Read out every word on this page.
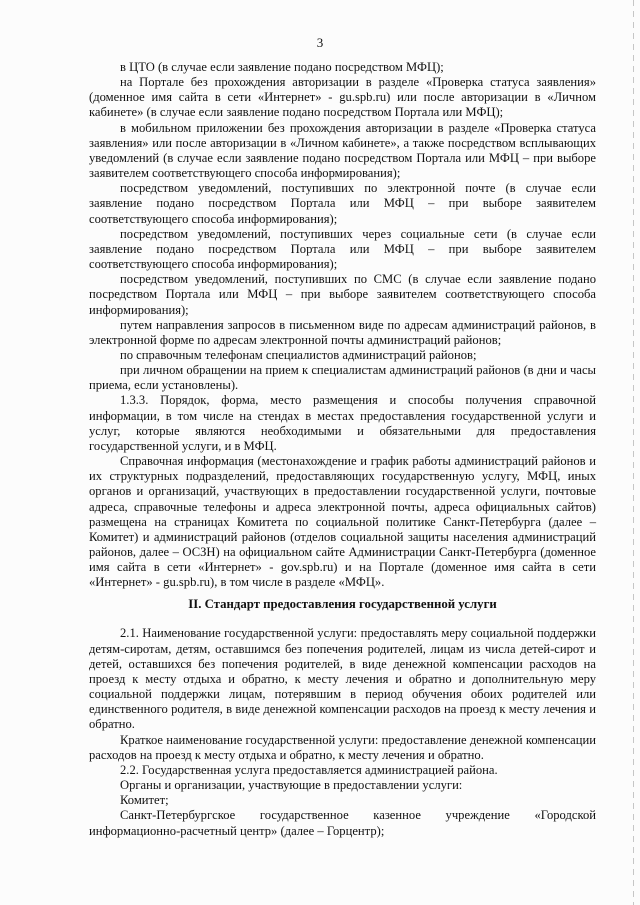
3

в ЦТО (в случае если заявление подано посредством МФЦ);

на Портале без прохождения авторизации в разделе «Проверка статуса заявления» (доменное имя сайта в сети «Интернет» - gu.spb.ru) или после авторизации в «Личном кабинете» (в случае если заявление подано посредством Портала или МФЦ);

в мобильном приложении без прохождения авторизации в разделе «Проверка статуса заявления» или после авторизации в «Личном кабинете», а также посредством всплывающих уведомлений (в случае если заявление подано посредством Портала или МФЦ – при выборе заявителем соответствующего способа информирования);

посредством уведомлений, поступивших по электронной почте (в случае если заявление подано посредством Портала или МФЦ – при выборе заявителем соответствующего способа информирования);

посредством уведомлений, поступивших через социальные сети (в случае если заявление подано посредством Портала или МФЦ – при выборе заявителем соответствующего способа информирования);

посредством уведомлений, поступивших по СМС (в случае если заявление подано посредством Портала или МФЦ – при выборе заявителем соответствующего способа информирования);

путем направления запросов в письменном виде по адресам администраций районов, в электронной форме по адресам электронной почты администраций районов;

по справочным телефонам специалистов администраций районов;

при личном обращении на прием к специалистам администраций районов (в дни и часы приема, если установлены).

1.3.3. Порядок, форма, место размещения и способы получения справочной информации, в том числе на стендах в местах предоставления государственной услуги и услуг, которые являются необходимыми и обязательными для предоставления государственной услуги, и в МФЦ.

Справочная информация (местонахождение и график работы администраций районов и их структурных подразделений, предоставляющих государственную услугу, МФЦ, иных органов и организаций, участвующих в предоставлении государственной услуги, почтовые адреса, справочные телефоны и адреса электронной почты, адреса официальных сайтов) размещена на страницах Комитета по социальной политике Санкт-Петербурга (далее – Комитет) и администраций районов (отделов социальной защиты населения администраций районов, далее – ОСЗН) на официальном сайте Администрации Санкт-Петербурга (доменное имя сайта в сети «Интернет» - gov.spb.ru) и на Портале (доменное имя сайта в сети «Интернет» - gu.spb.ru), в том числе в разделе «МФЦ».

II. Стандарт предоставления государственной услуги

2.1. Наименование государственной услуги: предоставлять меру социальной поддержки детям-сиротам, детям, оставшимся без попечения родителей, лицам из числа детей-сирот и детей, оставшихся без попечения родителей, в виде денежной компенсации расходов на проезд к месту отдыха и обратно, к месту лечения и обратно и дополнительную меру социальной поддержки лицам, потерявшим в период обучения обоих родителей или единственного родителя, в виде денежной компенсации расходов на проезд к месту лечения и обратно.

Краткое наименование государственной услуги: предоставление денежной компенсации расходов на проезд к месту отдыха и обратно, к месту лечения и обратно.

2.2. Государственная услуга предоставляется администрацией района.

Органы и организации, участвующие в предоставлении услуги:

Комитет;

Санкт-Петербургское государственное казенное учреждение «Городской информационно-расчетный центр» (далее – Горцентр);
